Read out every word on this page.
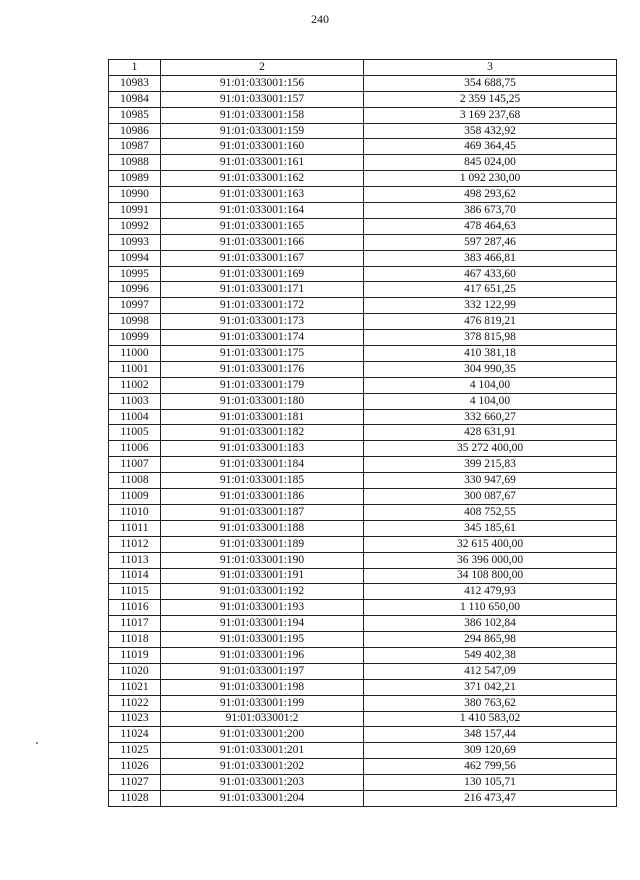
240
1	2	3
10983	91:01:033001:156	354 688,75
10984	91:01:033001:157	2 359 145,25
10985	91:01:033001:158	3 169 237,68
10986	91:01:033001:159	358 432,92
10987	91:01:033001:160	469 364,45
10988	91:01:033001:161	845 024,00
10989	91:01:033001:162	1 092 230,00
10990	91:01:033001:163	498 293,62
10991	91:01:033001:164	386 673,70
10992	91:01:033001:165	478 464,63
10993	91:01:033001:166	597 287,46
10994	91:01:033001:167	383 466,81
10995	91:01:033001:169	467 433,60
10996	91:01:033001:171	417 651,25
10997	91:01:033001:172	332 122,99
10998	91:01:033001:173	476 819,21
10999	91:01:033001:174	378 815,98
11000	91:01:033001:175	410 381,18
11001	91:01:033001:176	304 990,35
11002	91:01:033001:179	4 104,00
11003	91:01:033001:180	4 104,00
11004	91:01:033001:181	332 660,27
11005	91:01:033001:182	428 631,91
11006	91:01:033001:183	35 272 400,00
11007	91:01:033001:184	399 215,83
11008	91:01:033001:185	330 947,69
11009	91:01:033001:186	300 087,67
11010	91:01:033001:187	408 752,55
11011	91:01:033001:188	345 185,61
11012	91:01:033001:189	32 615 400,00
11013	91:01:033001:190	36 396 000,00
11014	91:01:033001:191	34 108 800,00
11015	91:01:033001:192	412 479,93
11016	91:01:033001:193	1 110 650,00
11017	91:01:033001:194	386 102,84
11018	91:01:033001:195	294 865,98
11019	91:01:033001:196	549 402,38
11020	91:01:033001:197	412 547,09
11021	91:01:033001:198	371 042,21
11022	91:01:033001:199	380 763,62
11023	91:01:033001:2	1 410 583,02
11024	91:01:033001:200	348 157,44
11025	91:01:033001:201	309 120,69
11026	91:01:033001:202	462 799,56
11027	91:01:033001:203	130 105,71
11028	91:01:033001:204	216 473,47
